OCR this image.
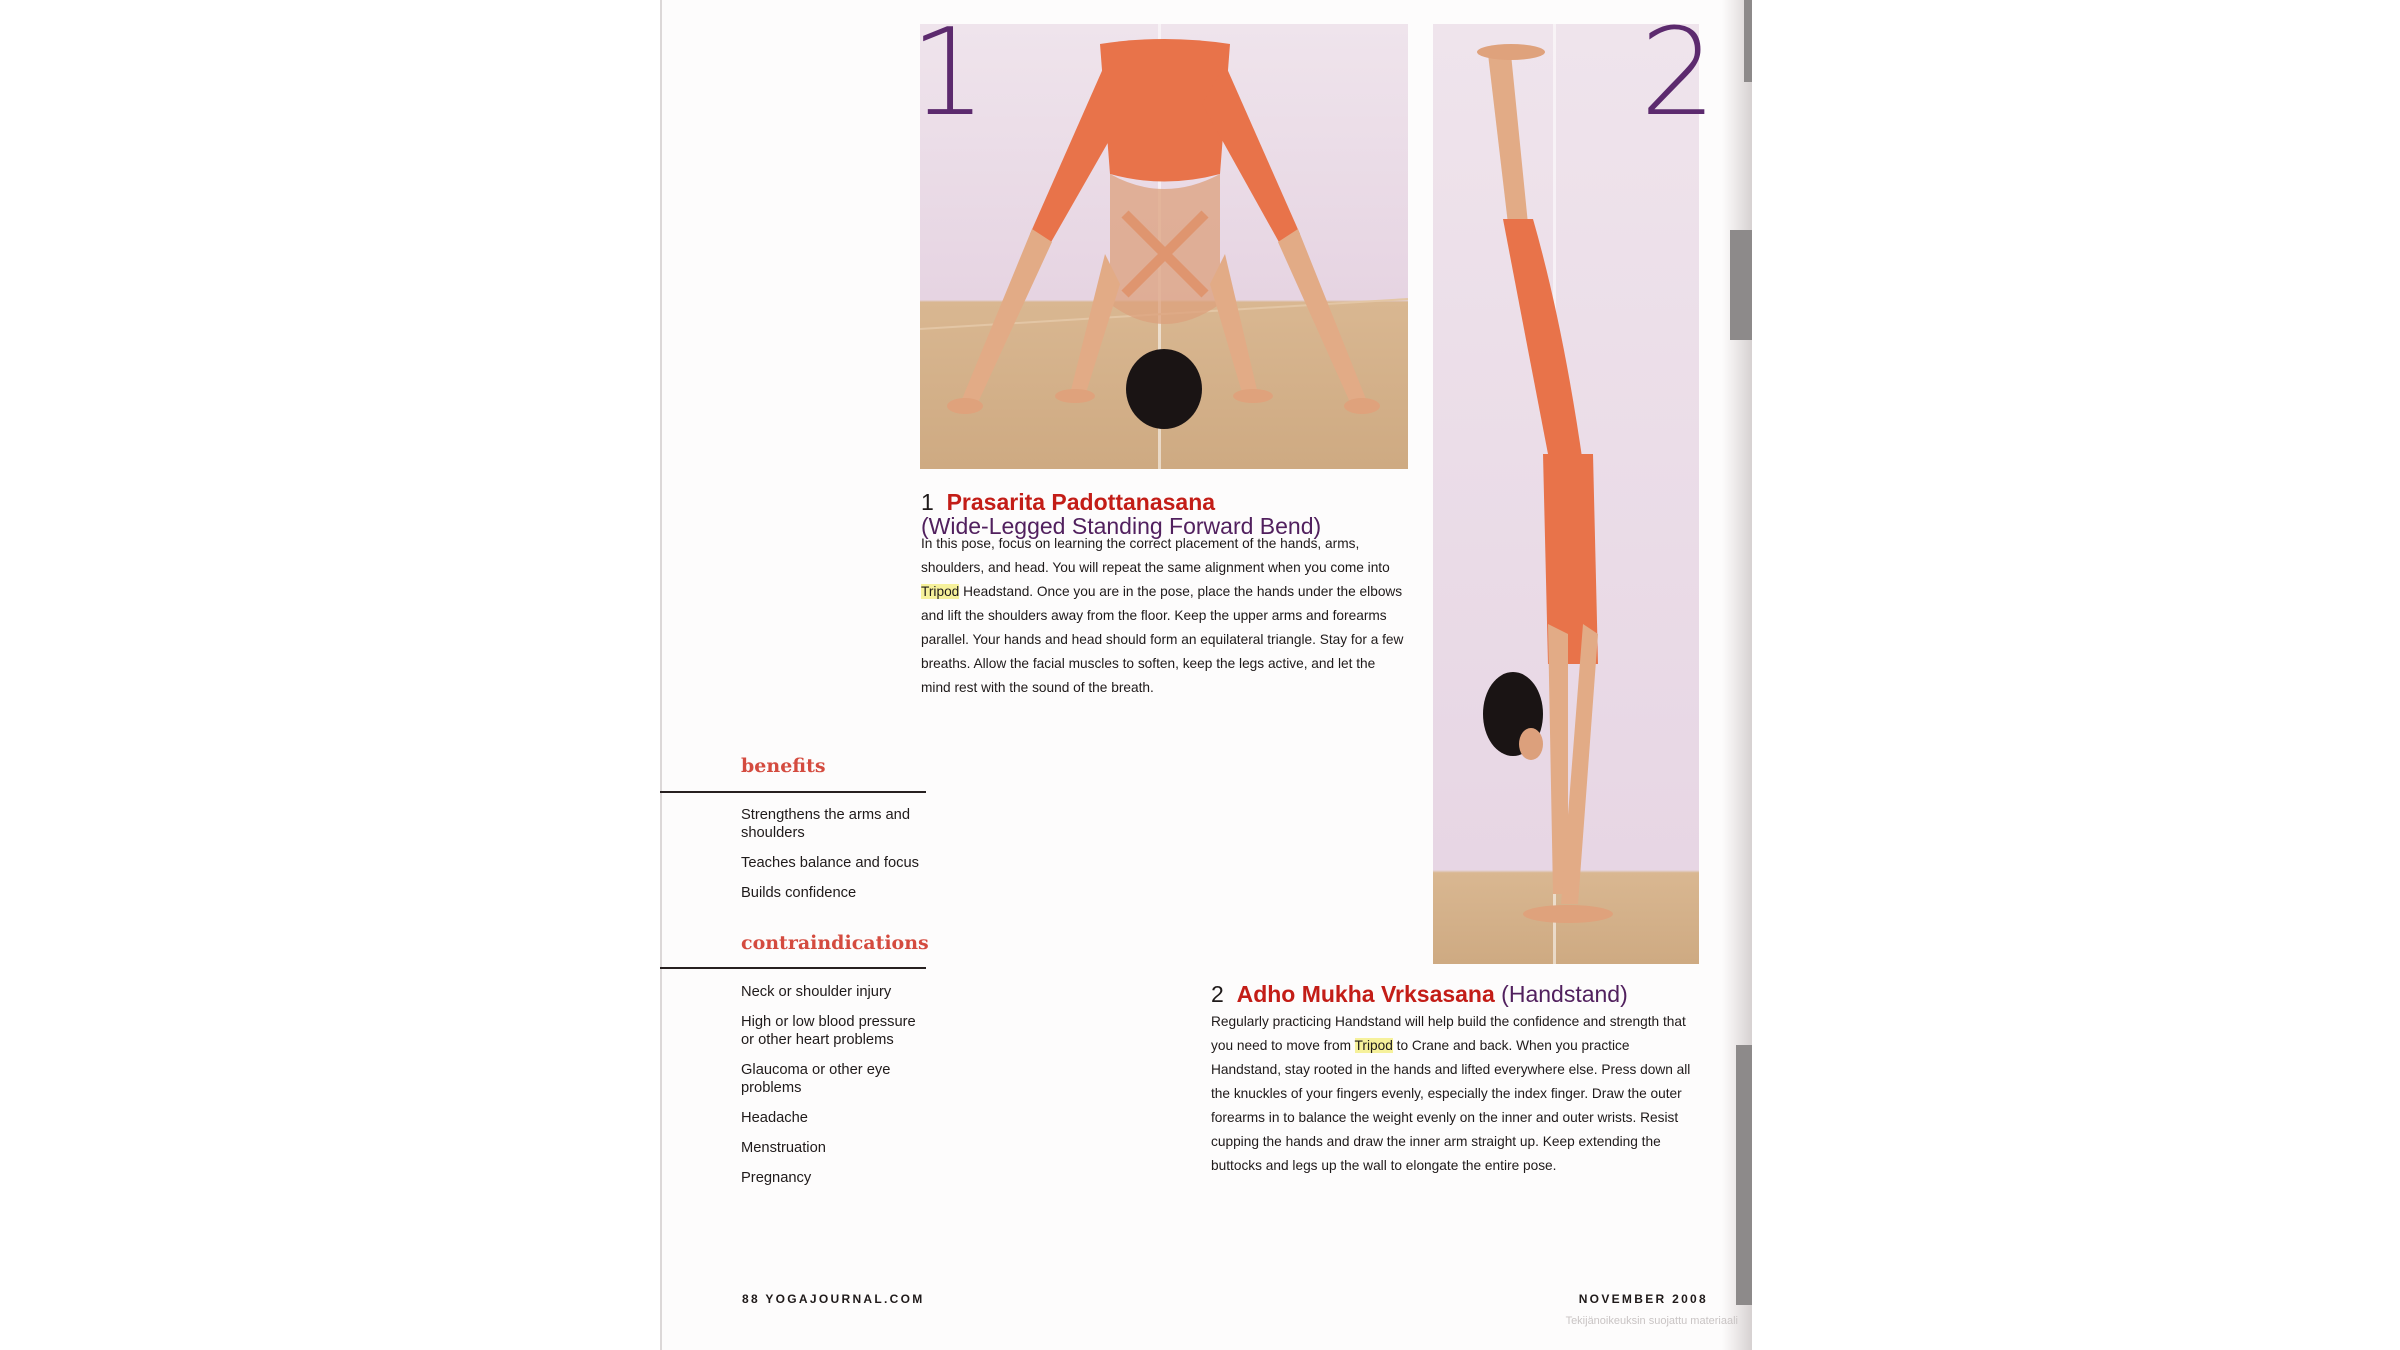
1	2
1 Prasarita Padottanasana
(Wide-Legged Standing Forward Bend)

In this pose, focus on learning the correct placement of the hands, arms, shoulders, and head. You will repeat the same alignment when you come into Tripod Headstand. Once you are in the pose, place the hands under the elbows and lift the shoulders away from the floor. Keep the upper arms and forearms parallel. Your hands and head should form an equilateral triangle. Stay for a few breaths. Allow the facial muscles to soften, keep the legs active, and let the mind rest with the sound of the breath.

benefits
Strengthens the arms and shoulders
Teaches balance and focus
Builds confidence
contraindications
Neck or shoulder injury
High or low blood pressure or other heart problems
Glaucoma or other eye problems
Headache
Menstruation
Pregnancy
2 Adho Mukha Vrksasana (Handstand)

Regularly practicing Handstand will help build the confidence and strength that you need to move from Tripod to Crane and back. When you practice Handstand, stay rooted in the hands and lifted everywhere else. Press down all the knuckles of your fingers evenly, especially the index finger. Draw the outer forearms in to balance the weight evenly on the inner and outer wrists. Resist cupping the hands and draw the inner arm straight up. Keep extending the buttocks and legs up the wall to elongate the entire pose.

88 YOGAJOURNAL.COM	NOVEMBER 2008
Tekijänoikeuksin suojattu materiaali
